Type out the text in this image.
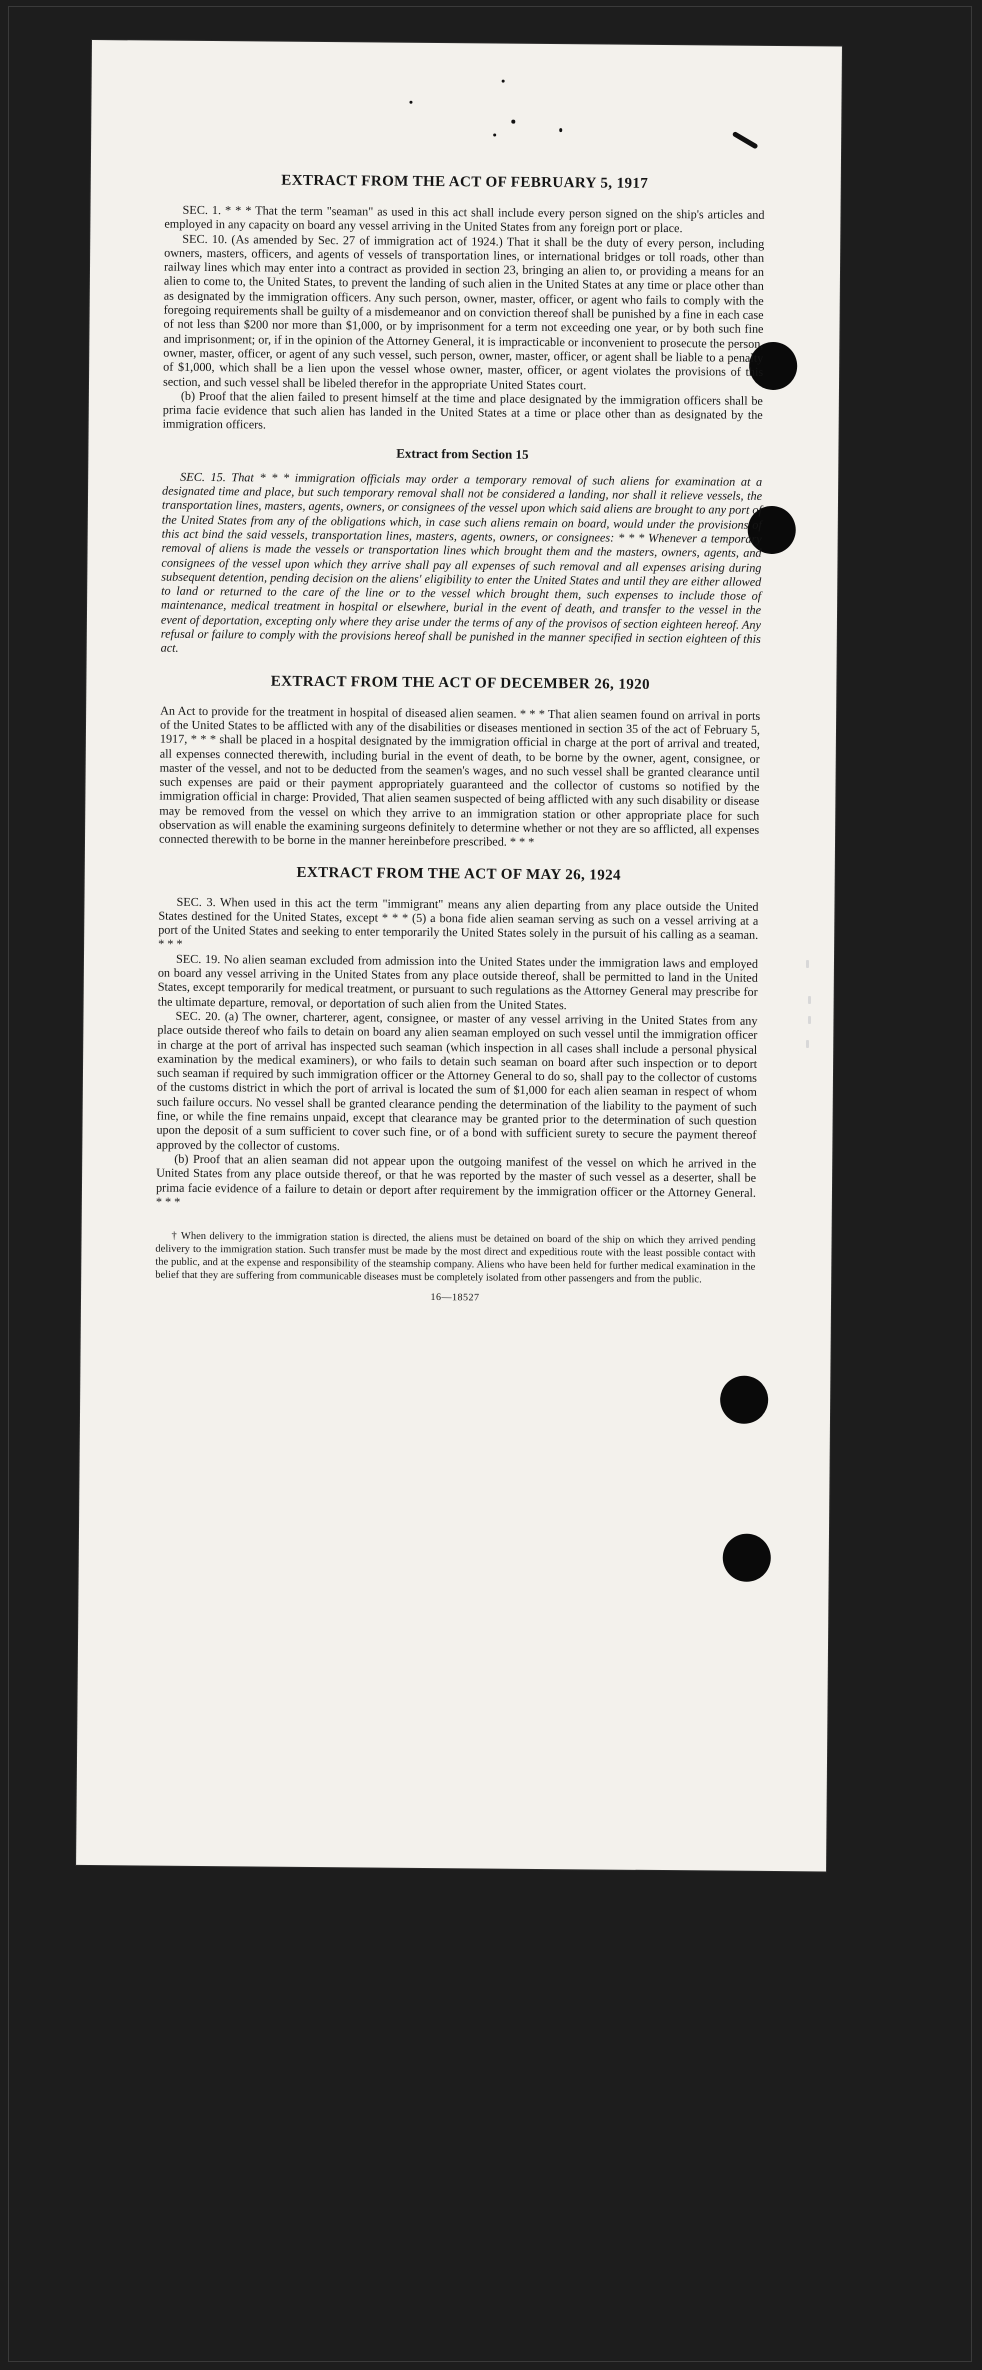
EXTRACT FROM THE ACT OF FEBRUARY 5, 1917

SEC. 1. * * * That the term "seaman" as used in this act shall include every person signed on the ship's articles and employed in any capacity on board any vessel arriving in the United States from any foreign port or place.

SEC. 10. (As amended by Sec. 27 of immigration act of 1924.) That it shall be the duty of every person, including owners, masters, officers, and agents of vessels of transportation lines, or international bridges or toll roads, other than railway lines which may enter into a contract as provided in section 23, bringing an alien to, or providing a means for an alien to come to, the United States, to prevent the landing of such alien in the United States at any time or place other than as designated by the immigration officers. Any such person, owner, master, officer, or agent who fails to comply with the foregoing requirements shall be guilty of a misdemeanor and on conviction thereof shall be punished by a fine in each case of not less than $200 nor more than $1,000, or by imprisonment for a term not exceeding one year, or by both such fine and imprisonment; or, if in the opinion of the Attorney General, it is impracticable or inconvenient to prosecute the person, owner, master, officer, or agent of any such vessel, such person, owner, master, officer, or agent shall be liable to a penalty of $1,000, which shall be a lien upon the vessel whose owner, master, officer, or agent violates the provisions of this section, and such vessel shall be libeled therefor in the appropriate United States court.

(b) Proof that the alien failed to present himself at the time and place designated by the immigration officers shall be prima facie evidence that such alien has landed in the United States at a time or place other than as designated by the immigration officers.

Extract from Section 15

SEC. 15. That * * * immigration officials may order a temporary removal of such aliens for examination at a designated time and place, but such temporary removal shall not be considered a landing, nor shall it relieve vessels, the transportation lines, masters, agents, owners, or consignees of the vessel upon which said aliens are brought to any port of the United States from any of the obligations which, in case such aliens remain on board, would under the provisions of this act bind the said vessels, transportation lines, masters, agents, owners, or consignees: * * * Whenever a temporary removal of aliens is made the vessels or transportation lines which brought them and the masters, owners, agents, and consignees of the vessel upon which they arrive shall pay all expenses of such removal and all expenses arising during subsequent detention, pending decision on the aliens' eligibility to enter the United States and until they are either allowed to land or returned to the care of the line or to the vessel which brought them, such expenses to include those of maintenance, medical treatment in hospital or elsewhere, burial in the event of death, and transfer to the vessel in the event of deportation, excepting only where they arise under the terms of any of the provisos of section eighteen hereof. Any refusal or failure to comply with the provisions hereof shall be punished in the manner specified in section eighteen of this act.

EXTRACT FROM THE ACT OF DECEMBER 26, 1920

An Act to provide for the treatment in hospital of diseased alien seamen. * * * That alien seamen found on arrival in ports of the United States to be afflicted with any of the disabilities or diseases mentioned in section 35 of the act of February 5, 1917, * * * shall be placed in a hospital designated by the immigration official in charge at the port of arrival and treated, all expenses connected therewith, including burial in the event of death, to be borne by the owner, agent, consignee, or master of the vessel, and not to be deducted from the seamen's wages, and no such vessel shall be granted clearance until such expenses are paid or their payment appropriately guaranteed and the collector of customs so notified by the immigration official in charge: Provided, That alien seamen suspected of being afflicted with any such disability or disease may be removed from the vessel on which they arrive to an immigration station or other appropriate place for such observation as will enable the examining surgeons definitely to determine whether or not they are so afflicted, all expenses connected therewith to be borne in the manner hereinbefore prescribed. * * *

EXTRACT FROM THE ACT OF MAY 26, 1924

SEC. 3. When used in this act the term "immigrant" means any alien departing from any place outside the United States destined for the United States, except * * * (5) a bona fide alien seaman serving as such on a vessel arriving at a port of the United States and seeking to enter temporarily the United States solely in the pursuit of his calling as a seaman. * * *

SEC. 19. No alien seaman excluded from admission into the United States under the immigration laws and employed on board any vessel arriving in the United States from any place outside thereof, shall be permitted to land in the United States, except temporarily for medical treatment, or pursuant to such regulations as the Attorney General may prescribe for the ultimate departure, removal, or deportation of such alien from the United States.

SEC. 20. (a) The owner, charterer, agent, consignee, or master of any vessel arriving in the United States from any place outside thereof who fails to detain on board any alien seaman employed on such vessel until the immigration officer in charge at the port of arrival has inspected such seaman (which inspection in all cases shall include a personal physical examination by the medical examiners), or who fails to detain such seaman on board after such inspection or to deport such seaman if required by such immigration officer or the Attorney General to do so, shall pay to the collector of customs of the customs district in which the port of arrival is located the sum of $1,000 for each alien seaman in respect of whom such failure occurs. No vessel shall be granted clearance pending the determination of the liability to the payment of such fine, or while the fine remains unpaid, except that clearance may be granted prior to the determination of such question upon the deposit of a sum sufficient to cover such fine, or of a bond with sufficient surety to secure the payment thereof approved by the collector of customs.

(b) Proof that an alien seaman did not appear upon the outgoing manifest of the vessel on which he arrived in the United States from any place outside thereof, or that he was reported by the master of such vessel as a deserter, shall be prima facie evidence of a failure to detain or deport after requirement by the immigration officer or the Attorney General. * * *

† When delivery to the immigration station is directed, the aliens must be detained on board of the ship on which they arrived pending delivery to the immigration station. Such transfer must be made by the most direct and expeditious route with the least possible contact with the public, and at the expense and responsibility of the steamship company. Aliens who have been held for further medical examination in the belief that they are suffering from communicable diseases must be completely isolated from other passengers and from the public.

16—18527
